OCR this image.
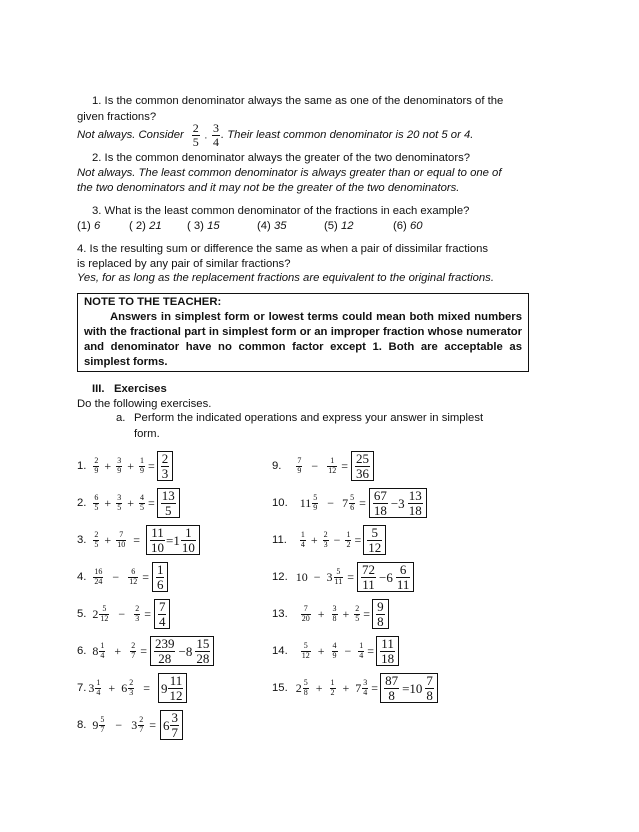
1. Is the common denominator always the same as one of the denominators of the
given fractions?
Not always. Consider $\frac{2}{5}$ , $\frac{3}{4}$ . Their least common denominator is 20 not 5 or 4.
2. Is the common denominator always the greater of the two denominators?
Not always. The least common denominator is always greater than or equal to one of
the two denominators and it may not be the greater of the two denominators.
3. What is the least common denominator of the fractions in each example?
(1) 6	( 2) 21 ( 3) 15	(4) 35	(5) 12	(6) 60
4. Is the resulting sum or difference the same as when a pair of dissimilar fractions
is replaced by any pair of similar fractions?
Yes, for as long as the replacement fractions are equivalent to the original fractions.
NOTE TO THE TEACHER:
Answers in simplest form or lowest terms could mean both mixed numbers with the fractional part in simplest form or an improper fraction whose numerator and denominator have no common factor except 1. Both are acceptable as simplest forms.
III. Exercises
Do the following exercises.
a. Perform the indicated operations and express your answer in simplest
form.
1. $\frac{2}{9} + \frac{3}{9} + \frac{1}{9} = \frac{2}{3}$
2. $\frac{6}{5} + \frac{3}{5} + \frac{4}{5} = \frac{13}{5}$
3. $\frac{2}{5} + \frac{7}{10} = \frac{11}{10} =1 \frac{1}{10}$
4. $\frac{16}{24}$ −	$\frac{6}{12} = \frac{1}{6}$
5. $2 \frac{5}{12}$ −	$\frac{2}{3} = \frac{7}{4}$
6. $8 \frac{1}{4}$ +	$\frac{2}{7} = \frac{239}{28} -8 \frac{15}{28}$
7. $3 \frac{1}{4} + 6 \frac{2}{3} = 9 \frac{11}{12}$
8. $9 \frac{5}{7} - 3 \frac{2}{7} = 6 \frac{3}{7}$
9. $\frac{7}{9}$ −	$\frac{1}{12} = \frac{25}{36}$
10. $11 \frac{5}{9} - 7 \frac{5}{6} = \frac{67}{18} -3 \frac{13}{18}$
11. $\frac{1}{4} + \frac{2}{3} - \frac{1}{2} = \frac{5}{12}$
12. $10 - 3 \frac{5}{11} = \frac{72}{11} -6 \frac{6}{11}$
13. $\frac{7}{20} + \frac{3}{8} + \frac{2}{5} = \frac{9}{8}$
14. $\frac{5}{12} + \frac{4}{9} - \frac{1}{4} = \frac{11}{18}$
15. $2 \frac{5}{8} + \frac{1}{2} + 7 \frac{3}{4} = \frac{87}{8} =10 \frac{7}{8}$
